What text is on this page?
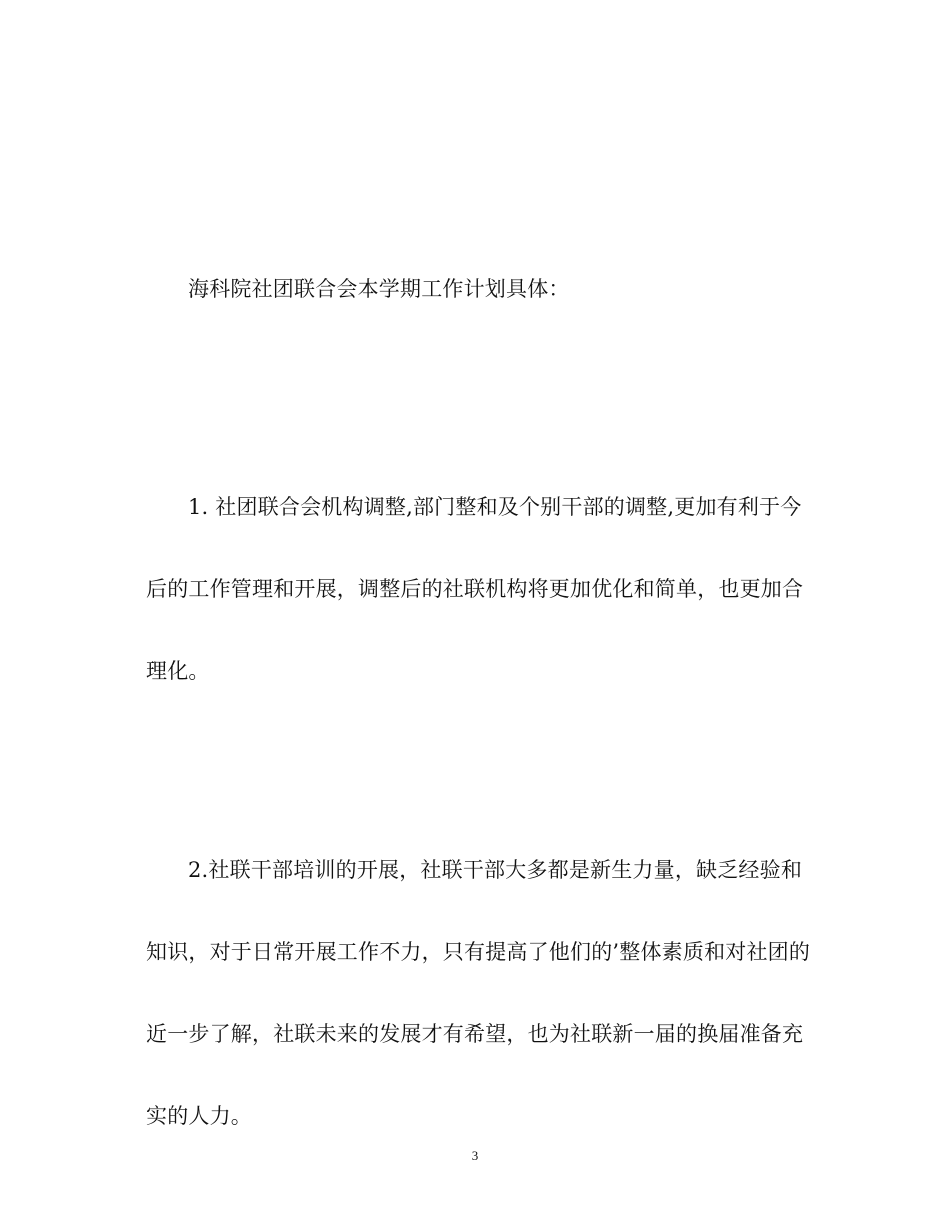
海科院社团联合会本学期工作计划具体：

1. 社团联合会机构调整,部门整和及个别干部的调整,更加有利于今后的工作管理和开展，调整后的社联机构将更加优化和简单，也更加合理化。

2.社联干部培训的开展，社联干部大多都是新生力量，缺乏经验和知识，对于日常开展工作不力，只有提高了他们的’整体素质和对社团的近一步了解，社联未来的发展才有希望，也为社联新一届的换届准备充实的人力。

3
